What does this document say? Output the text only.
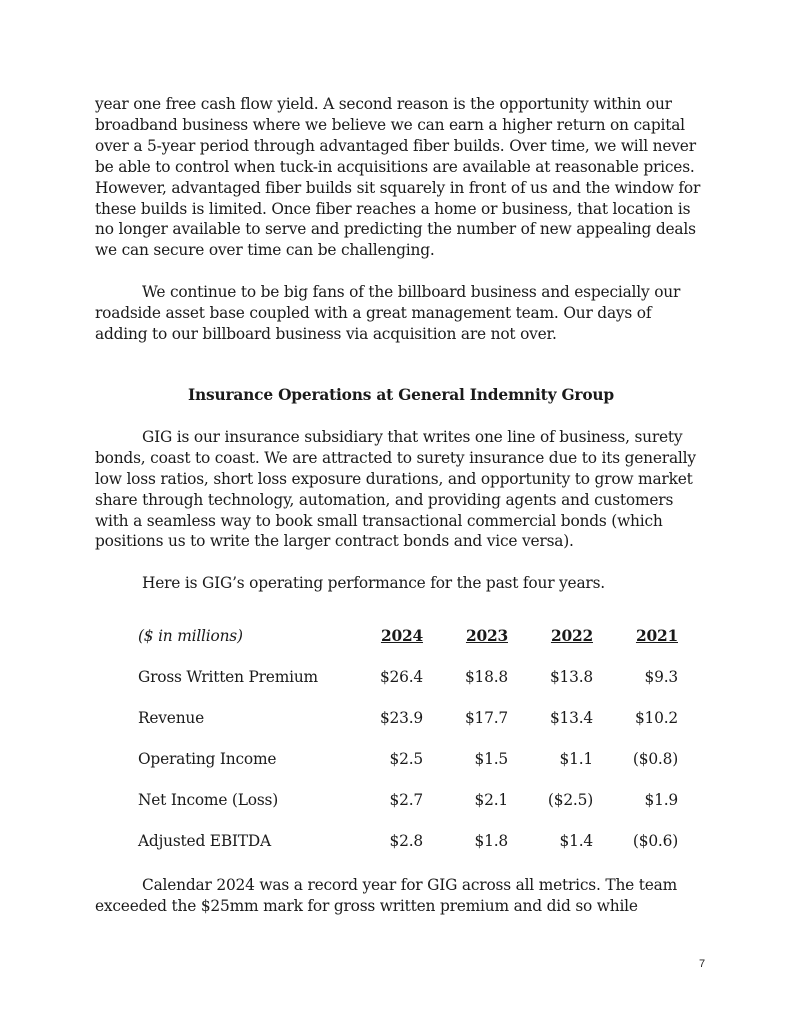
year one free cash flow yield. A second reason is the opportunity within our broadband business where we believe we can earn a higher return on capital over a 5-year period through advantaged fiber builds. Over time, we will never be able to control when tuck-in acquisitions are available at reasonable prices. However, advantaged fiber builds sit squarely in front of us and the window for these builds is limited. Once fiber reaches a home or business, that location is no longer available to serve and predicting the number of new appealing deals we can secure over time can be challenging.

We continue to be big fans of the billboard business and especially our roadside asset base coupled with a great management team. Our days of adding to our billboard business via acquisition are not over.

Insurance Operations at General Indemnity Group

GIG is our insurance subsidiary that writes one line of business, surety bonds, coast to coast. We are attracted to surety insurance due to its generally low loss ratios, short loss exposure durations, and opportunity to grow market share through technology, automation, and providing agents and customers with a seamless way to book small transactional commercial bonds (which positions us to write the larger contract bonds and vice versa).

Here is GIG’s operating performance for the past four years.

($ in millions)	2024	2023	2022	2021
Gross Written Premium	$26.4	$18.8	$13.8	$9.3
Revenue	$23.9	$17.7	$13.4	$10.2
Operating Income	$2.5	$1.5	$1.1	($0.8)
Net Income (Loss)	$2.7	$2.1	($2.5)	$1.9
Adjusted EBITDA	$2.8	$1.8	$1.4	($0.6)

Calendar 2024 was a record year for GIG across all metrics. The team exceeded the $25mm mark for gross written premium and did so while

7
